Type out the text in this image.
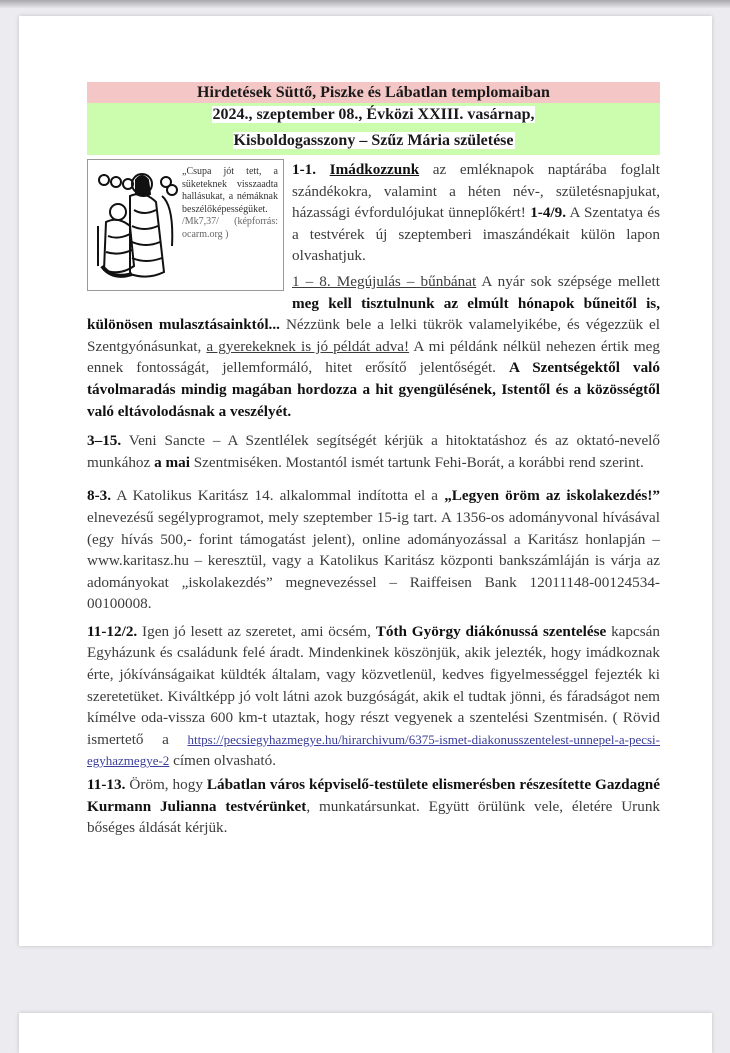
Hirdetések Süttő, Piszke és Lábatlan templomaiban
2024., szeptember 08., Évközi XXIII. vasárnap,
Kisboldogasszony – Szűz Mária születése
„Csupa jót tett, a süketeknek visszaadta hallásukat, a némáknak beszélőképességüket. /Mk7,37/ (képforrás: ocarm.org )

1-1. Imádkozzunk az emléknapok naptárába foglalt szándékokra, valamint a héten név-, születésnapjukat, házassági évfordulójukat ünneplőkért! 1-4/9. A Szentatya és a testvérek új szeptemberi imaszándékait külön lapon olvashatjuk.

1 – 8. Megújulás – bűnbánat A nyár sok szépsége mellett meg kell tisztulnunk az elmúlt hónapok bűneitől is, különösen mulasztásainktól... Nézzünk bele a lelki tükrök valamelyikébe, és végezzük el Szentgyónásunkat, a gyerekeknek is jó példát adva! A mi példánk nélkül nehezen értik meg ennek fontosságát, jellemformáló, hitet erősítő jelentőségét. A Szentségektől való távolmaradás mindig magában hordozza a hit gyengülésének, Istentől és a közösségtől való eltávolodásnak a veszélyét.

3–15. Veni Sancte – A Szentlélek segítségét kérjük a hitoktatáshoz és az oktató-nevelő munkához a mai Szentmiséken. Mostantól ismét tartunk Fehi-Borát, a korábbi rend szerint.

8-3. A Katolikus Karitász 14. alkalommal indította el a „Legyen öröm az iskolakezdés!” elnevezésű segélyprogramot, mely szeptember 15-ig tart. A 1356-os adományvonal hívásával (egy hívás 500,- forint támogatást jelent), online adományozással a Karitász honlapján – www.karitasz.hu – keresztül, vagy a Katolikus Karitász központi bankszámláján is várja az adományokat „iskolakezdés” megnevezéssel – Raiffeisen Bank 12011148-00124534-00100008.

11-12/2. Igen jó lesett az szeretet, ami öcsém, Tóth György diákónussá szentelése kapcsán Egyházunk és családunk felé áradt. Mindenkinek köszönjük, akik jelezték, hogy imádkoznak érte, jókívánságaikat küldték általam, vagy közvetlenül, kedves figyelmességgel fejezték ki szeretetüket. Kiváltképp jó volt látni azok buzgóságát, akik el tudtak jönni, és fáradságot nem kímélve oda-vissza 600 km-t utaztak, hogy részt vegyenek a szentelési Szentmisén. ( Rövid ismertető a https://pecsiegyhazmegye.hu/hirarchivum/6375-ismet-diakonusszentelest-unnepel-a-pecsi-egyhazmegye-2 címen olvasható.

11-13. Öröm, hogy Lábatlan város képviselő-testülete elismerésben részesítette Gazdagné Kurmann Julianna testvérünket, munkatársunkat. Együtt örülünk vele, életére Urunk bőséges áldását kérjük.
